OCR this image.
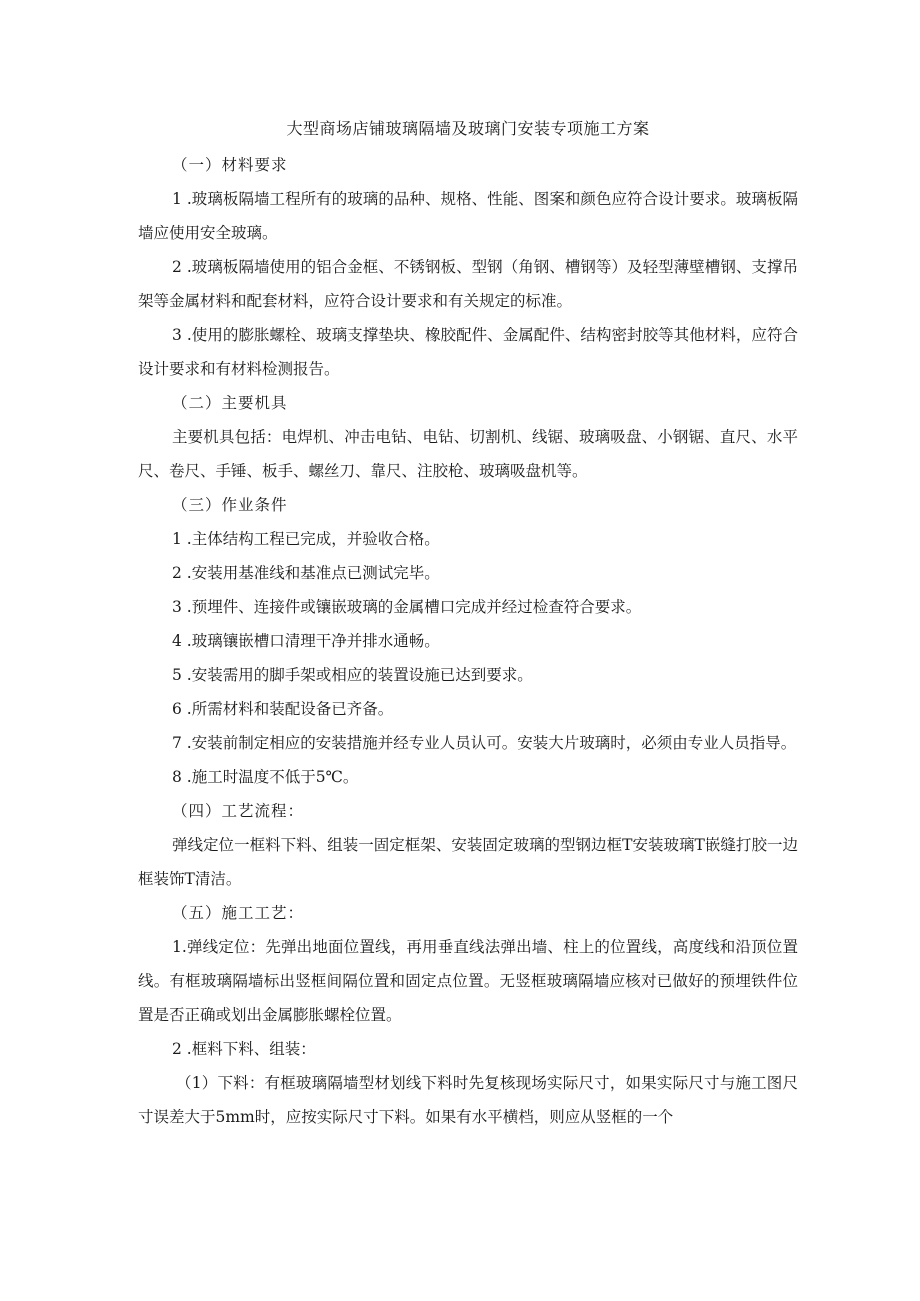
大型商场店铺玻璃隔墙及玻璃门安装专项施工方案

（一）材料要求

1 .玻璃板隔墙工程所有的玻璃的品种、规格、性能、图案和颜色应符合设计要求。玻璃板隔墙应使用安全玻璃。

2 .玻璃板隔墙使用的铝合金框、不锈钢板、型钢（角钢、槽钢等）及轻型薄壁槽钢、支撑吊架等金属材料和配套材料，应符合设计要求和有关规定的标准。

3 .使用的膨胀螺栓、玻璃支撑垫块、橡胶配件、金属配件、结构密封胶等其他材料，应符合设计要求和有材料检测报告。

（二）主要机具

主要机具包括：电焊机、冲击电钻、电钻、切割机、线锯、玻璃吸盘、小钢锯、直尺、水平尺、卷尺、手锤、板手、螺丝刀、靠尺、注胶枪、玻璃吸盘机等。

（三）作业条件

1 .主体结构工程已完成，并验收合格。

2 .安装用基准线和基准点已测试完毕。

3 .预埋件、连接件或镶嵌玻璃的金属槽口完成并经过检查符合要求。

4 .玻璃镶嵌槽口清理干净并排水通畅。

5 .安装需用的脚手架或相应的装置设施已达到要求。

6 .所需材料和装配设备已齐备。

7 .安装前制定相应的安装措施并经专业人员认可。安装大片玻璃时，必须由专业人员指导。

8 .施工时温度不低于5℃。

（四）工艺流程：

弹线定位一框料下料、组装一固定框架、安装固定玻璃的型钢边框T安装玻璃T嵌缝打胶一边框装饰T清洁。

（五）施工工艺：

1.弹线定位：先弹出地面位置线，再用垂直线法弹出墙、柱上的位置线，高度线和沿顶位置线。有框玻璃隔墙标出竖框间隔位置和固定点位置。无竖框玻璃隔墙应核对已做好的预埋铁件位置是否正确或划出金属膨胀螺栓位置。

2 .框料下料、组装：

（1）下料：有框玻璃隔墙型材划线下料时先复核现场实际尺寸，如果实际尺寸与施工图尺寸误差大于5mm时，应按实际尺寸下料。如果有水平横档，则应从竖框的一个
